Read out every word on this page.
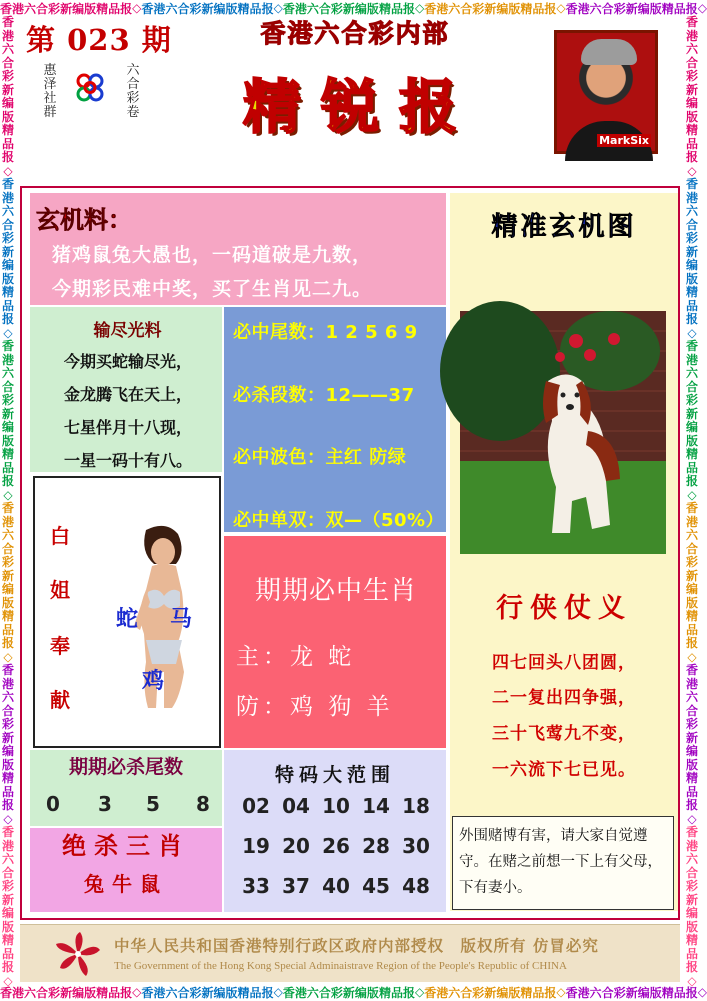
香 港 六 合 彩 新 编 版 精 品 报 ◇ 香 港 六 合 彩 新 编 版 精 品 报 ◇ 香 港 六 合 彩 新 编 版 精 品 报 ◇ 香 港 六 合 彩 新 编 版 精 品 报 ◇ 香 港 六 合 彩 新 编 版 精 品 报 ◇
香 港 六 合 彩 新 编 版 精 品 报 ◇ 香 港 六 合 彩 新 编 版 精 品 报 ◇ 香 港 六 合 彩 新 编 版 精 品 报 ◇ 香 港 六 合 彩 新 编 版 精 品 报 ◇ 香 港 六 合 彩 新 编 版 精 品 报 ◇
香
港
六
合
彩
新
编
版
精
品
报
◇
香
港
六
合
彩
新
编
版
精
品
报
◇
香
港
六
合
彩
新
编
版
精
品
报
◇
香
港
六
合
彩
新
编
版
精
品
报
◇
香
港
六
合
彩
新
编
版
精
品
报
◇
香
港
六
合
彩
新
编
版
精
品
报
◇
香
港
六
合
彩
新
编
版
精
品
报
◇
香
港
六
合
彩
新
编
版
精
品
报
◇
香
港
六
合
彩
新
编
版
精
品
报
◇
香
港
六
合
彩
新
编
版
精
品
报
◇
香
港
六
合
彩
新
编
版
精
品
报
◇
香
港
六
合
彩
新
编
版
精
品
报
◇
第 023 期
惠泽社群
六合彩卷
香港六合彩内部
精锐报	MarkSix
玄机料：
猪鸡鼠兔大愚也，一码道破是九数，
今期彩民难中奖，买了生肖见二九。
输尽光料
今期买蛇输尽光，
金龙腾飞在天上，
七星伴月十八现，
一星一码十有八。
必中尾数：1 2 5 6 9
必杀段数：12——37
必中波色：主红 防绿
必中单双：双—（50%）
白
姐
奉
献
蛇 马
鸡
期期必中生肖
主：龙 蛇
防：鸡 狗 羊
期期必杀尾数
0 3 5 8
绝杀三肖
兔牛鼠
特码大范围
02 04 10 14 18
19 20 26 28 30
33 37 40 45 48
精准玄机图
行侠仗义
四七回头八团圆，
二一复出四争强，
三十飞莺九不变，
一六流下七已见。
外围赌博有害，请大家自觉遵守。在赌之前想一下上有父母，下有妻小。
中华人民共和国香港特别行政区政府内部授权　版权所有 仿冒必究
The Government of the Hong Kong Special Adminaistrave Region of the People's Republic of CHINA
